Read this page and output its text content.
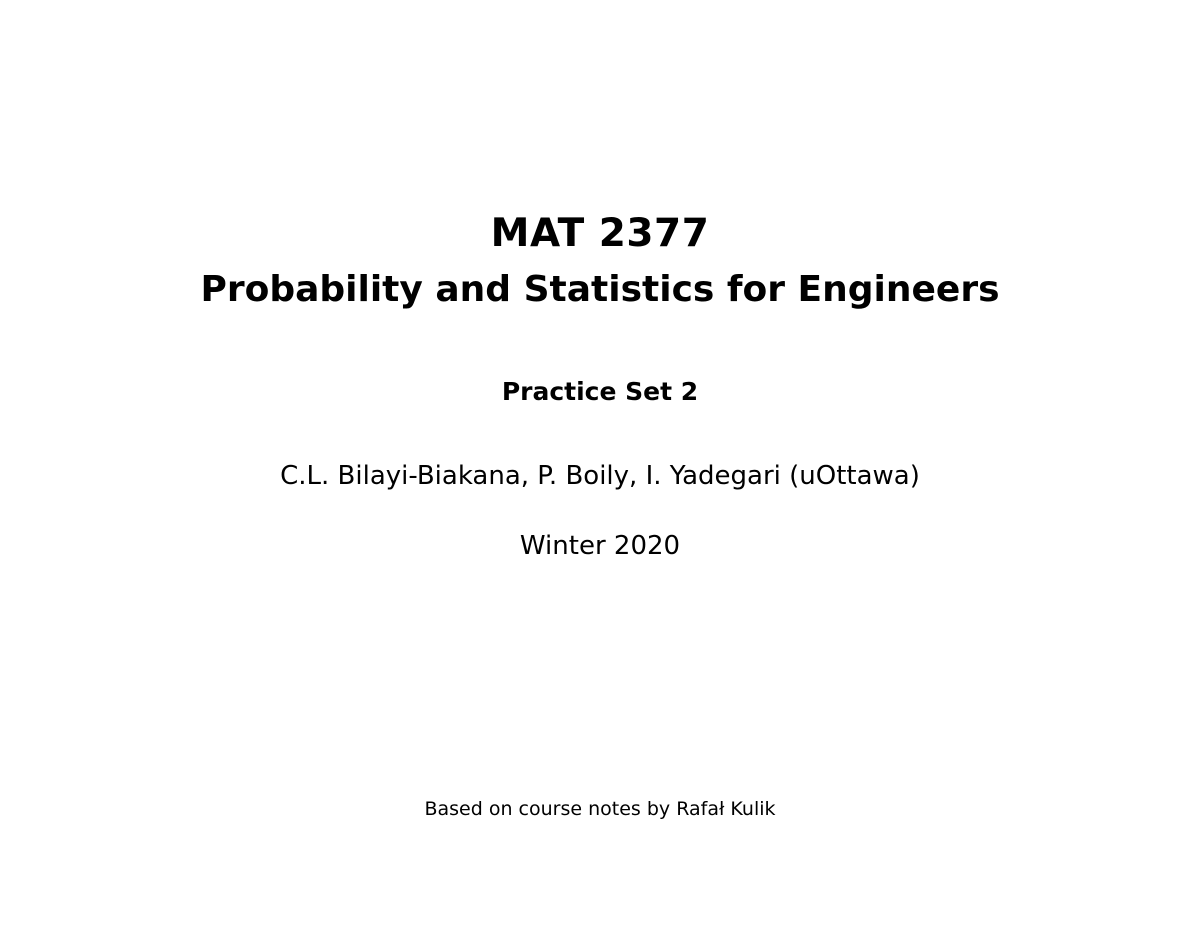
MAT 2377
Probability and Statistics for Engineers
Practice Set 2
C.L. Bilayi-Biakana, P. Boily, I. Yadegari (uOttawa)
Winter 2020
Based on course notes by Rafał Kulik
